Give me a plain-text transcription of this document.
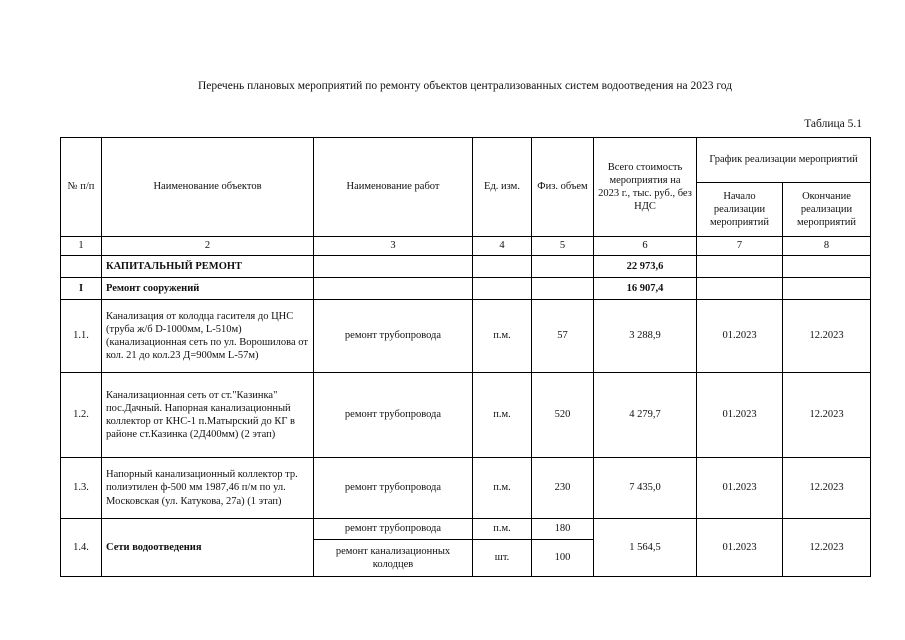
Перечень плановых мероприятий по ремонту объектов централизованных систем водоотведения на 2023 год
Таблица 5.1
№ п/п	Наименование объектов	Наименование работ	Ед. изм.	Физ. объем	Всего стоимость мероприятия на 2023 г., тыс. руб., без НДС	График реализации мероприятий	
						Начало реализации мероприятий	Окончание реализации мероприятий
1	2	3	4	5	6	7	8
	КАПИТАЛЬНЫЙ РЕМОНТ				22 973,6		
I	Ремонт сооружений				16 907,4		
1.1.	Канализация от колодца гасителя до ЦНС (труба ж/б D-1000мм, L-510м) (канализационная сеть по ул. Ворошилова от кол. 21 до кол.23 Д=900мм L-57м)	ремонт трубопровода	п.м.	57	3 288,9	01.2023	12.2023
1.2.	Канализационная сеть от ст."Казинка" пос.Дачный. Напорная канализационный коллектор от КНС-1 п.Матырский до КГ в районе ст.Казинка (2Д400мм) (2 этап)	ремонт трубопровода	п.м.	520	4 279,7	01.2023	12.2023
1.3.	Напорный канализационный коллектор тр. полиэтилен ф-500 мм 1987,46 п/м по ул. Московская (ул. Катукова, 27а) (1 этап)	ремонт трубопровода	п.м.	230	7 435,0	01.2023	12.2023
1.4.	Сети водоотведения	ремонт трубопровода	п.м.	180	1 564,5	01.2023	12.2023
		ремонт канализационных колодцев	шт.	100			
